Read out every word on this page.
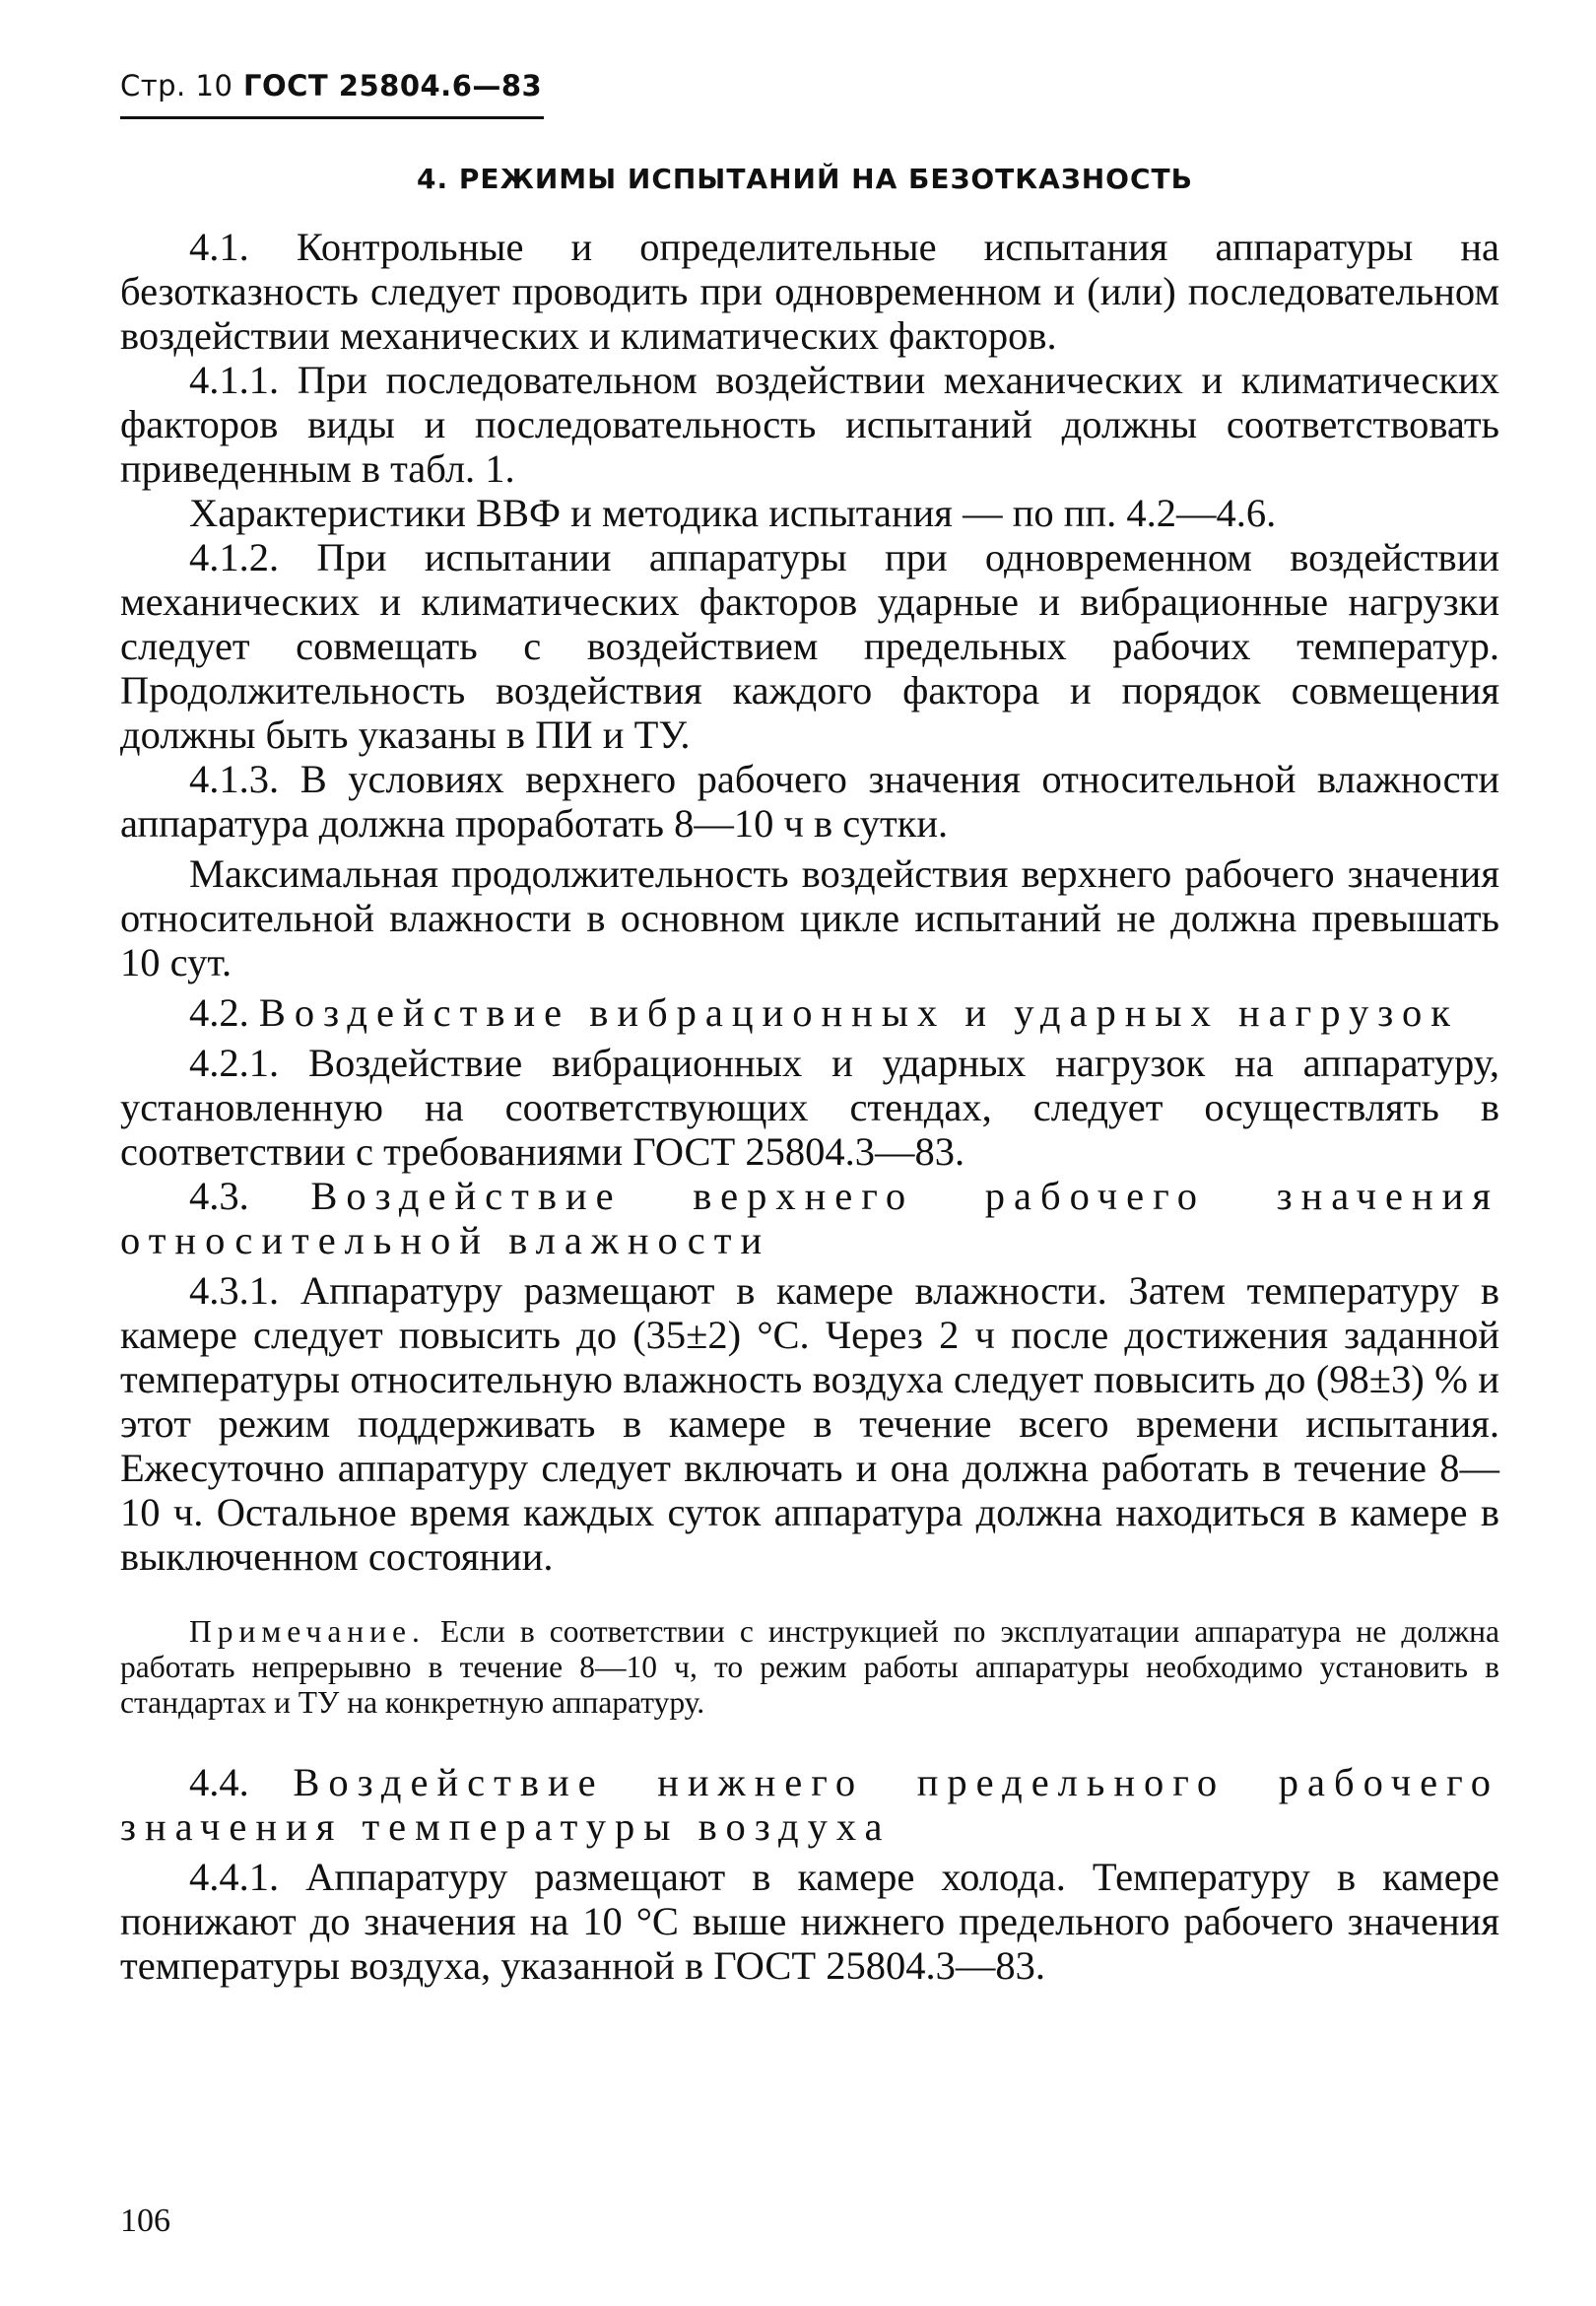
Стр. 10 ГОСТ 25804.6—83
4. РЕЖИМЫ ИСПЫТАНИЙ НА БЕЗОТКАЗНОСТЬ

4.1. Контрольные и определительные испытания аппаратуры на безотказность следует проводить при одновременном и (или) последовательном воздействии механических и климатических факторов.

4.1.1. При последовательном воздействии механических и климатических факторов виды и последовательность испытаний должны соответствовать приведенным в табл. 1.

Характеристики ВВФ и методика испытания — по пп. 4.2—4.6.

4.1.2. При испытании аппаратуры при одновременном воздействии механических и климатических факторов ударные и вибрационные нагрузки следует совмещать с воздействием предельных рабочих температур. Продолжительность воздействия каждого фактора и порядок совмещения должны быть указаны в ПИ и ТУ.

4.1.3. В условиях верхнего рабочего значения относительной влажности аппаратура должна проработать 8—10 ч в сутки.

Максимальная продолжительность воздействия верхнего рабочего значения относительной влажности в основном цикле испытаний не должна превышать 10 сут.

4.2. Воздействие вибрационных и ударных нагрузок

4.2.1. Воздействие вибрационных и ударных нагрузок на аппаратуру, установленную на соответствующих стендах, следует осуществлять в соответствии с требованиями ГОСТ 25804.3—83.

4.3. Воздействие верхнего рабочего значения относительной влажности

4.3.1. Аппаратуру размещают в камере влажности. Затем температуру в камере следует повысить до (35±2) °С. Через 2 ч после достижения заданной температуры относительную влажность воздуха следует повысить до (98±3) % и этот режим поддерживать в камере в течение всего времени испытания. Ежесуточно аппаратуру следует включать и она должна работать в течение 8—10 ч. Остальное время каждых суток аппаратура должна находиться в камере в выключенном состоянии.

Примечание. Если в соответствии с инструкцией по эксплуатации аппаратура не должна работать непрерывно в течение 8—10 ч, то режим работы аппаратуры необходимо установить в стандартах и ТУ на конкретную аппаратуру.

4.4. Воздействие нижнего предельного рабочего значения температуры воздуха

4.4.1. Аппаратуру размещают в камере холода. Температуру в камере понижают до значения на 10 °С выше нижнего предельного рабочего значения температуры воздуха, указанной в ГОСТ 25804.3—83.

106
